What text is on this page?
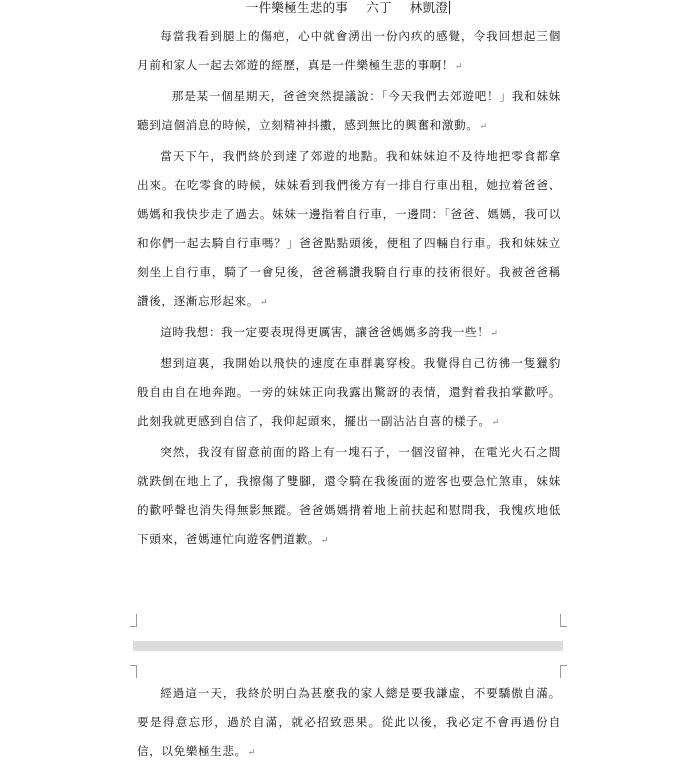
一件樂極生悲的事 六丁 林凱澄

每當我看到腿上的傷疤，心中就會湧出一份內疚的感覺，令我回想起三個月前和家人一起去郊遊的經歷，真是一件樂極生悲的事啊！↵

那是某一個星期天，爸爸突然提議說：「今天我們去郊遊吧！」我和妹妹聽到這個消息的時候，立刻精神抖擻，感到無比的興奮和激動。↵

當天下午，我們終於到達了郊遊的地點。我和妹妹迫不及待地把零食都拿出來。在吃零食的時候，妹妹看到我們後方有一排自行車出租，她拉着爸爸、媽媽和我快步走了過去。妹妹一邊指着自行車，一邊問：「爸爸、媽媽，我可以和你們一起去騎自行車嗎？」爸爸點點頭後，便租了四輛自行車。我和妹妹立刻坐上自行車，騎了一會兒後，爸爸稱讚我騎自行車的技術很好。我被爸爸稱讚後，逐漸忘形起來。↵

這時我想：我一定要表現得更厲害，讓爸爸媽媽多誇我一些！↵

想到這裏，我開始以飛快的速度在車群裏穿梭。我覺得自己彷彿一隻獵豹般自由自在地奔跑。一旁的妹妹正向我露出驚訝的表情，還對着我拍掌歡呼。此刻我就更感到自信了，我仰起頭來，擺出一副沾沾自喜的樣子。↵

突然，我沒有留意前面的路上有一塊石子，一個沒留神，在電光火石之間就跌倒在地上了，我擦傷了雙腳，還令騎在我後面的遊客也要急忙煞車，妹妹的歡呼聲也消失得無影無蹤。爸爸媽媽揹着地上前扶起和慰問我，我愧疚地低下頭來，爸媽連忙向遊客們道歉。↵

經過這一天，我終於明白為甚麼我的家人總是要我謙虛，不要驕傲自滿。要是得意忘形，過於自滿，就必招致惡果。從此以後，我必定不會再過份自信，以免樂極生悲。↵
